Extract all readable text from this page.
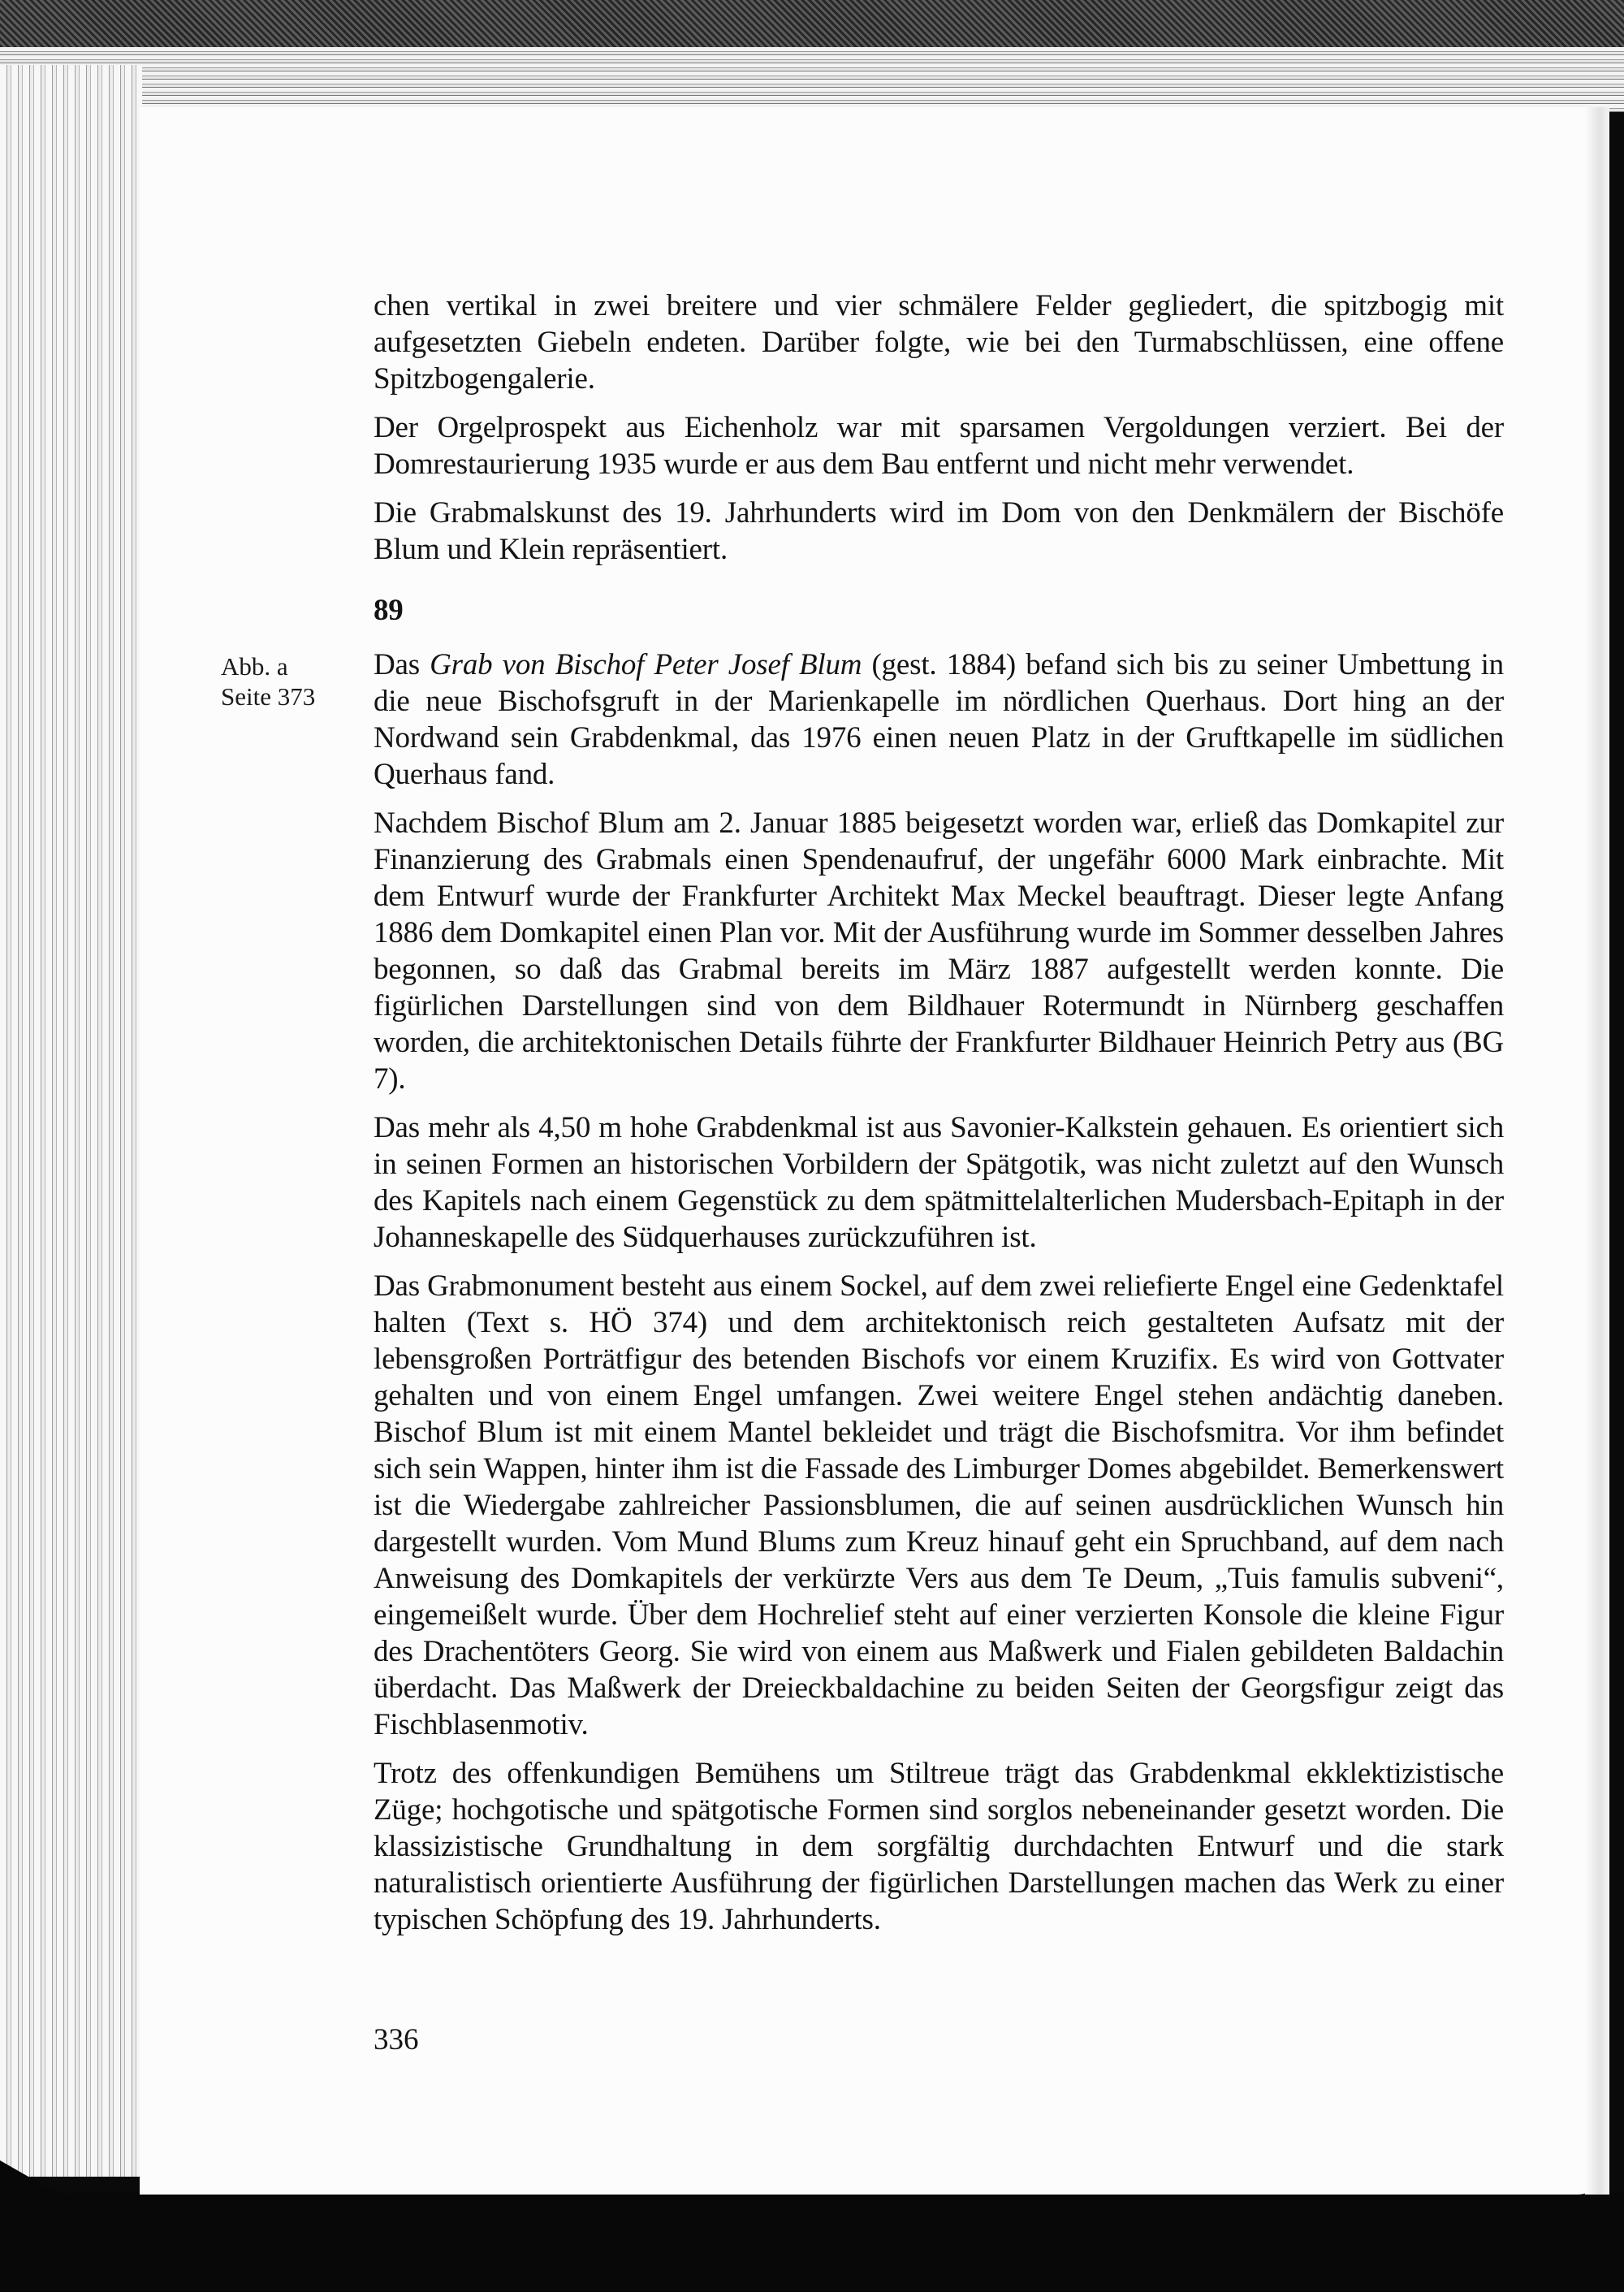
Abb. a
Seite 373

chen vertikal in zwei breitere und vier schmälere Felder gegliedert, die spitzbogig mit aufgesetzten Giebeln endeten. Darüber folgte, wie bei den Turmabschlüssen, eine offene Spitzbogengalerie.

Der Orgelprospekt aus Eichenholz war mit sparsamen Vergoldungen verziert. Bei der Domrestaurierung 1935 wurde er aus dem Bau entfernt und nicht mehr verwendet.

Die Grabmalskunst des 19. Jahrhunderts wird im Dom von den Denkmälern der Bischöfe Blum und Klein repräsentiert.

89

Das Grab von Bischof Peter Josef Blum (gest. 1884) befand sich bis zu seiner Umbettung in die neue Bischofsgruft in der Marienkapelle im nördlichen Querhaus. Dort hing an der Nordwand sein Grabdenkmal, das 1976 einen neuen Platz in der Gruftkapelle im südlichen Querhaus fand.

Nachdem Bischof Blum am 2. Januar 1885 beigesetzt worden war, erließ das Domkapitel zur Finanzierung des Grabmals einen Spendenaufruf, der ungefähr 6000 Mark einbrachte. Mit dem Entwurf wurde der Frankfurter Architekt Max Meckel beauftragt. Dieser legte Anfang 1886 dem Domkapitel einen Plan vor. Mit der Ausführung wurde im Sommer desselben Jahres begonnen, so daß das Grabmal bereits im März 1887 aufgestellt werden konnte. Die figürlichen Darstellungen sind von dem Bildhauer Rotermundt in Nürnberg geschaffen worden, die architektonischen Details führte der Frankfurter Bildhauer Heinrich Petry aus (BG 7).

Das mehr als 4,50 m hohe Grabdenkmal ist aus Savonier-Kalkstein gehauen. Es orientiert sich in seinen Formen an historischen Vorbildern der Spätgotik, was nicht zuletzt auf den Wunsch des Kapitels nach einem Gegenstück zu dem spätmittelalterlichen Mudersbach-Epitaph in der Johanneskapelle des Südquerhauses zurückzuführen ist.

Das Grabmonument besteht aus einem Sockel, auf dem zwei reliefierte Engel eine Gedenktafel halten (Text s. HÖ 374) und dem architektonisch reich gestalteten Aufsatz mit der lebensgroßen Porträtfigur des betenden Bischofs vor einem Kruzifix. Es wird von Gottvater gehalten und von einem Engel umfangen. Zwei weitere Engel stehen andächtig daneben. Bischof Blum ist mit einem Mantel bekleidet und trägt die Bischofsmitra. Vor ihm befindet sich sein Wappen, hinter ihm ist die Fassade des Limburger Domes abgebildet. Bemerkenswert ist die Wiedergabe zahlreicher Passionsblumen, die auf seinen ausdrücklichen Wunsch hin dargestellt wurden. Vom Mund Blums zum Kreuz hinauf geht ein Spruchband, auf dem nach Anweisung des Domkapitels der verkürzte Vers aus dem Te Deum, „Tuis famulis subveni“, eingemeißelt wurde. Über dem Hochrelief steht auf einer verzierten Konsole die kleine Figur des Drachentöters Georg. Sie wird von einem aus Maßwerk und Fialen gebildeten Baldachin überdacht. Das Maßwerk der Dreieckbaldachine zu beiden Seiten der Georgsfigur zeigt das Fischblasenmotiv.

Trotz des offenkundigen Bemühens um Stiltreue trägt das Grabdenkmal ekklektizistische Züge; hochgotische und spätgotische Formen sind sorglos nebeneinander gesetzt worden. Die klassizistische Grundhaltung in dem sorgfältig durchdachten Entwurf und die stark naturalistisch orientierte Ausführung der figürlichen Darstellungen machen das Werk zu einer typischen Schöpfung des 19. Jahrhunderts.

336
